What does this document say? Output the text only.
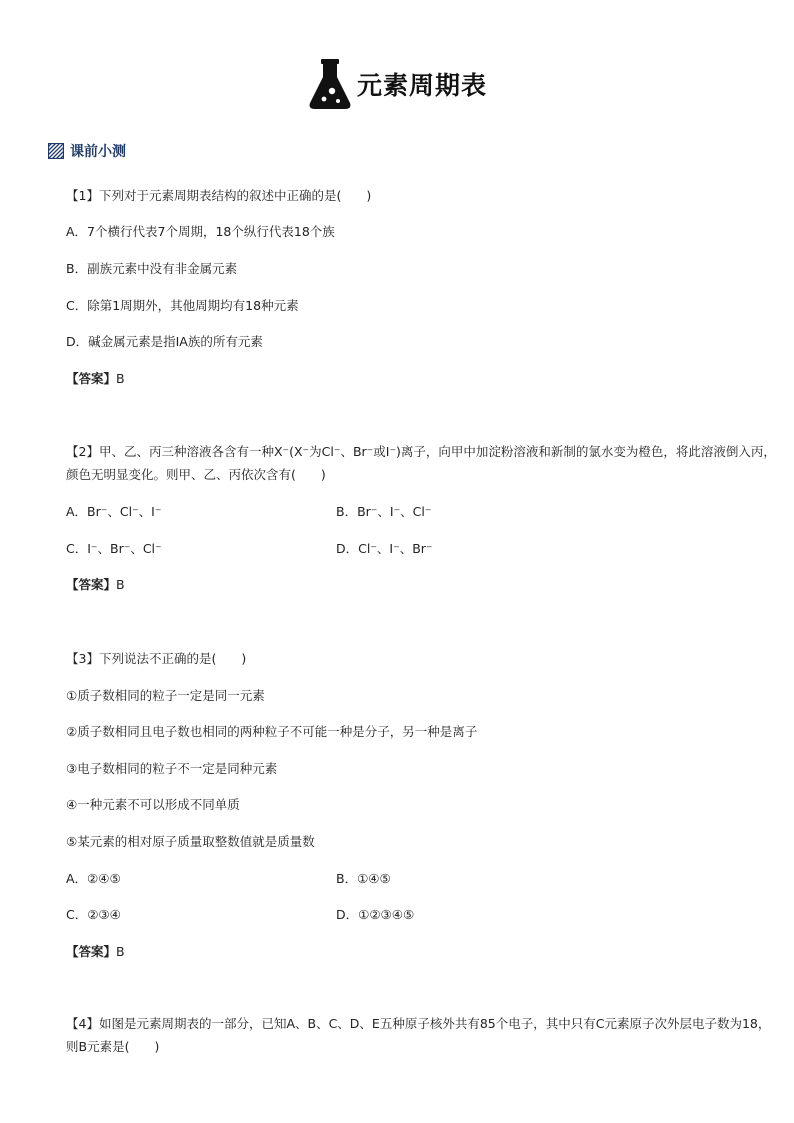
元素周期表
课前小测
【1】下列对于元素周期表结构的叙述中正确的是(　　)
A．7个横行代表7个周期，18个纵行代表18个族
B．副族元素中没有非金属元素
C．除第1周期外，其他周期均有18种元素
D．碱金属元素是指ⅠA族的所有元素
【答案】B
【2】甲、乙、丙三种溶液各含有一种X⁻(X⁻为Cl⁻、Br⁻或I⁻)离子，向甲中加淀粉溶液和新制的氯水变为橙色，将此溶液倒入丙，
颜色无明显变化。则甲、乙、丙依次含有(　　)
A．Br⁻、Cl⁻、I⁻	B．Br⁻、I⁻、Cl⁻
C．I⁻、Br⁻、Cl⁻	D．Cl⁻、I⁻、Br⁻
【答案】B
【3】下列说法不正确的是(　　)
①质子数相同的粒子一定是同一元素
②质子数相同且电子数也相同的两种粒子不可能一种是分子，另一种是离子
③电子数相同的粒子不一定是同种元素
④一种元素不可以形成不同单质
⑤某元素的相对原子质量取整数值就是质量数
A．②④⑤	B．①④⑤
C．②③④	D．①②③④⑤
【答案】B
【4】如图是元素周期表的一部分，已知A、B、C、D、E五种原子核外共有85个电子，其中只有C元素原子次外层电子数为18，
则B元素是(　　)
